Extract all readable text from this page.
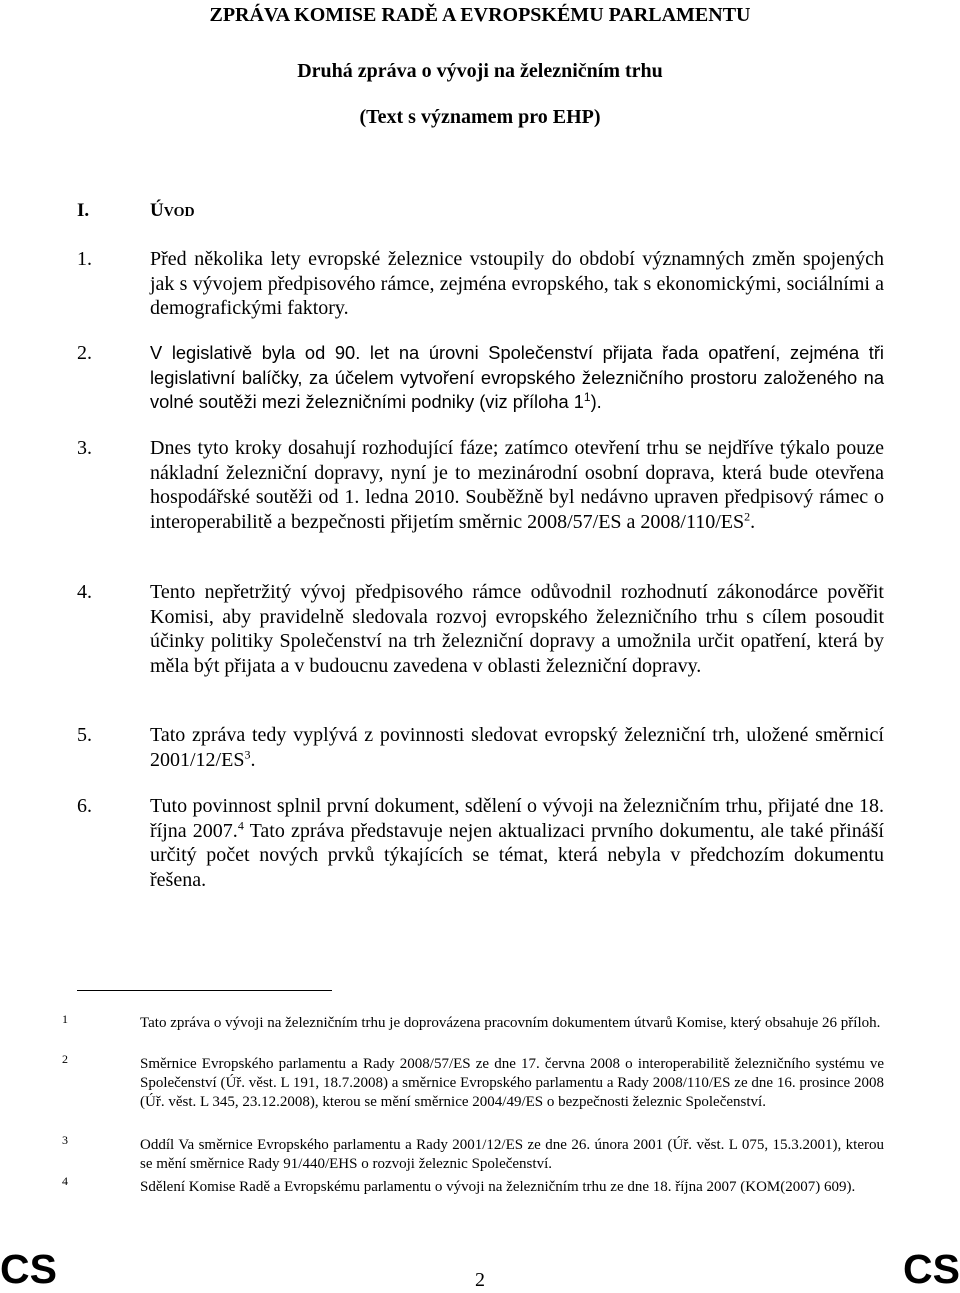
ZPRÁVA KOMISE RADĚ A EVROPSKÉMU PARLAMENTU
Druhá zpráva o vývoji na železničním trhu
(Text s významem pro EHP)
I.	ÚVOD
1.	Před několika lety evropské železnice vstoupily do období významných změn spojených jak s vývojem předpisového rámce, zejména evropského, tak s ekonomickými, sociálními a demografickými faktory.
2.	V legislativě byla od 90. let na úrovni Společenství přijata řada opatření, zejména tři legislativní balíčky, za účelem vytvoření evropského železničního prostoru založeného na volné soutěži mezi železničními podniky (viz příloha $1^1$).
3.	Dnes tyto kroky dosahují rozhodující fáze; zatímco otevření trhu se nejdříve týkalo pouze nákladní železniční dopravy, nyní je to mezinárodní osobní doprava, která bude otevřena hospodářské soutěži od 1. ledna 2010. Souběžně byl nedávno upraven předpisový rámec o interoperabilitě a bezpečnosti přijetím směrnic 2008/57/ES a $2008/110/ES^2$.
4.	Tento nepřetržitý vývoj předpisového rámce odůvodnil rozhodnutí zákonodárce pověřit Komisi, aby pravidelně sledovala rozvoj evropského železničního trhu s cílem posoudit účinky politiky Společenství na trh železniční dopravy a umožnila určit opatření, která by měla být přijata a v budoucnu zavedena v oblasti železniční dopravy.
5.	Tato zpráva tedy vyplývá z povinnosti sledovat evropský železniční trh, uložené směrnicí $2001/12/ES^3$.
6.	Tuto povinnost splnil první dokument, sdělení o vývoji na železničním trhu, přijaté dne 18. října 2007.$^4$ Tato zpráva představuje nejen aktualizaci prvního dokumentu, ale také přináší určitý počet nových prvků týkajících se témat, která nebyla v předchozím dokumentu řešena.
1	Tato zpráva o vývoji na železničním trhu je doprovázena pracovním dokumentem útvarů Komise, který obsahuje 26 příloh.
2	Směrnice Evropského parlamentu a Rady 2008/57/ES ze dne 17. června 2008 o interoperabilitě železničního systému ve Společenství (Úř. věst. L 191, 18.7.2008) a směrnice Evropského parlamentu a Rady 2008/110/ES ze dne 16. prosince 2008 (Úř. věst. L 345, 23.12.2008), kterou se mění směrnice 2004/49/ES o bezpečnosti železnic Společenství.
3	Oddíl Va směrnice Evropského parlamentu a Rady 2001/12/ES ze dne 26. února 2001 (Úř. věst. L 075, 15.3.2001), kterou se mění směrnice Rady 91/440/EHS o rozvoji železnic Společenství.
4	Sdělení Komise Radě a Evropskému parlamentu o vývoji na železničním trhu ze dne 18. října 2007 (KOM(2007) 609).
CS	2	CS
